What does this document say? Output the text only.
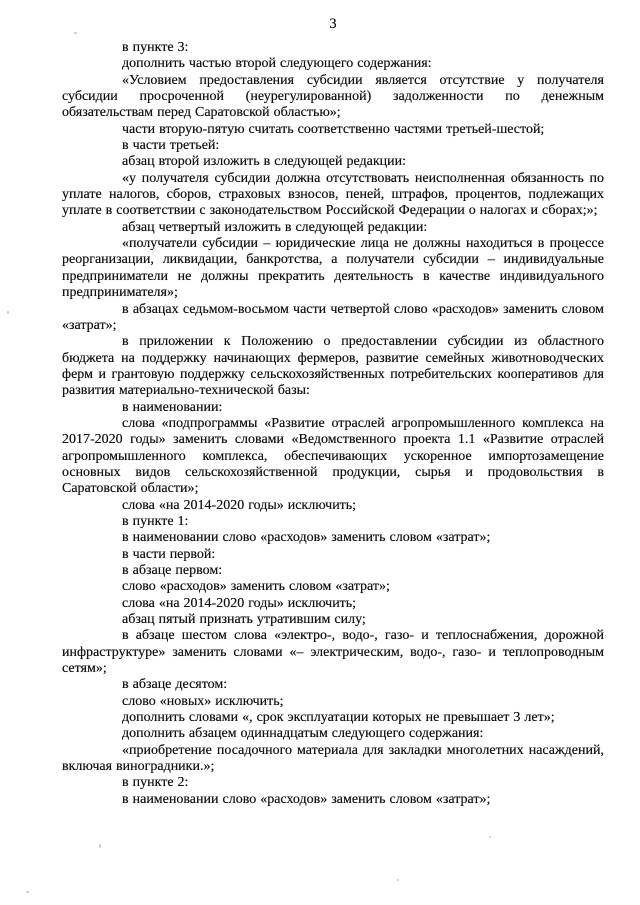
3

в пункте 3:

дополнить частью второй следующего содержания:

«Условием предоставления субсидии является отсутствие у получателя субсидии просроченной (неурегулированной) задолженности по денежным обязательствам перед Саратовской областью»;

части вторую-пятую считать соответственно частями третьей-шестой;

в части третьей:

абзац второй изложить в следующей редакции:

«у получателя субсидии должна отсутствовать неисполненная обязанность по уплате налогов, сборов, страховых взносов, пеней, штрафов, процентов, подлежащих уплате в соответствии с законодательством Российской Федерации о налогах и сборах;»;

абзац четвертый изложить в следующей редакции:

«получатели субсидии – юридические лица не должны находиться в процессе реорганизации, ликвидации, банкротства, а получатели субсидии – индивидуальные предприниматели не должны прекратить деятельность в качестве индивидуального предпринимателя»;

в абзацах седьмом-восьмом части четвертой слово «расходов» заменить словом «затрат»;

в приложении к Положению о предоставлении субсидии из областного бюджета на поддержку начинающих фермеров, развитие семейных животноводческих ферм и грантовую поддержку сельскохозяйственных потребительских кооперативов для развития материально-технической базы:

в наименовании:

слова «подпрограммы «Развитие отраслей агропромышленного комплекса на 2017-2020 годы» заменить словами «Ведомственного проекта 1.1 «Развитие отраслей агропромышленного комплекса, обеспечивающих ускоренное импортозамещение основных видов сельскохозяйственной продукции, сырья и продовольствия в Саратовской области»;

слова «на 2014-2020 годы» исключить;

в пункте 1:

в наименовании слово «расходов» заменить словом «затрат»;

в части первой:

в абзаце первом:

слово «расходов» заменить словом «затрат»;

слова «на 2014-2020 годы» исключить;

абзац пятый признать утратившим силу;

в абзаце шестом слова «электро-, водо-, газо- и теплоснабжения, дорожной инфраструктуре» заменить словами «– электрическим, водо-, газо- и теплопроводным сетям»;

в абзаце десятом:

слово «новых» исключить;

дополнить словами «, срок эксплуатации которых не превышает 3 лет»;

дополнить абзацем одиннадцатым следующего содержания:

«приобретение посадочного материала для закладки многолетних насаждений, включая виноградники.»;

в пункте 2:

в наименовании слово «расходов» заменить словом «затрат»;
